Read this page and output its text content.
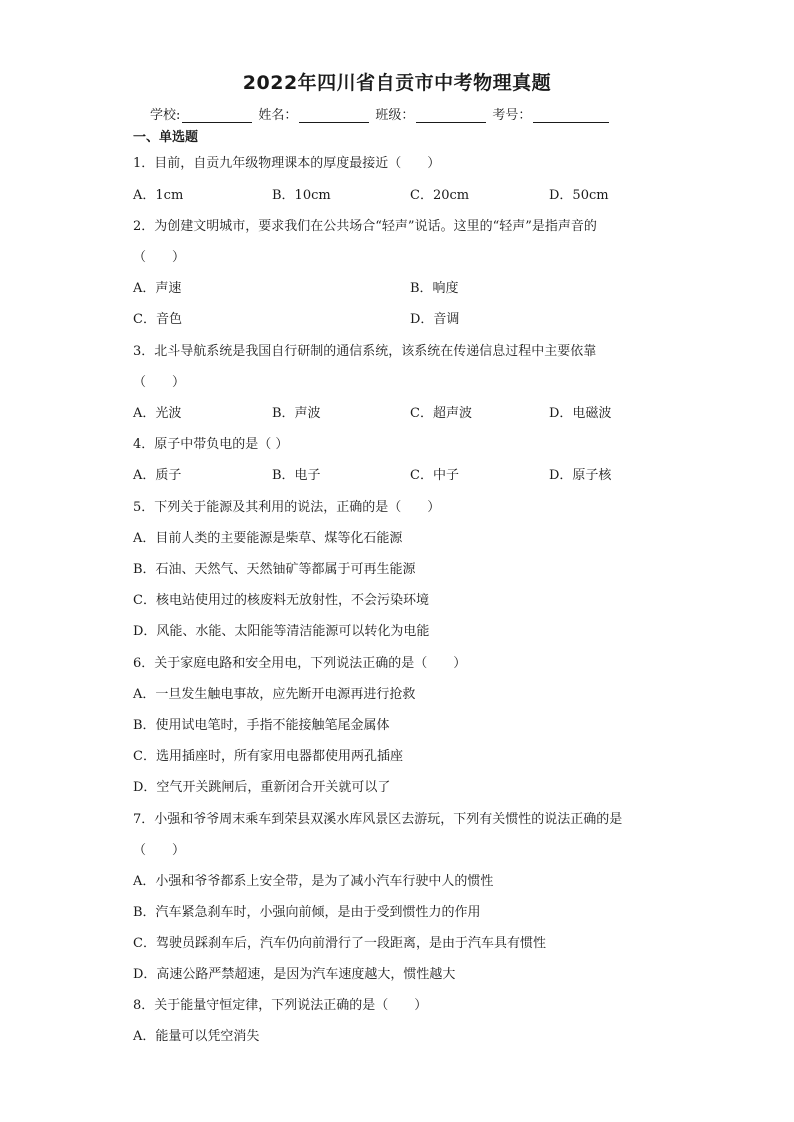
2022年四川省自贡市中考物理真题
学校:	姓名：	班级：	考号：
一、单选题
1．目前，自贡九年级物理课本的厚度最接近（　　）
A．1cm	B．10cm	C．20cm	D．50cm
2．为创建文明城市，要求我们在公共场合“轻声”说话。这里的“轻声”是指声音的
（　　）
A．声速	B．响度
C．音色	D．音调
3．北斗导航系统是我国自行研制的通信系统，该系统在传递信息过程中主要依靠
（　　）
A．光波	B．声波	C．超声波	D．电磁波
4．原子中带负电的是（ ）
A．质子	B．电子	C．中子	D．原子核
5．下列关于能源及其利用的说法，正确的是（　　）
A．目前人类的主要能源是柴草、煤等化石能源
B．石油、天然气、天然铀矿等都属于可再生能源
C．核电站使用过的核废料无放射性，不会污染环境
D．风能、水能、太阳能等清洁能源可以转化为电能
6．关于家庭电路和安全用电，下列说法正确的是（　　）
A．一旦发生触电事故，应先断开电源再进行抢救
B．使用试电笔时，手指不能接触笔尾金属体
C．选用插座时，所有家用电器都使用两孔插座
D．空气开关跳闸后，重新闭合开关就可以了
7．小强和爷爷周末乘车到荣县双溪水库风景区去游玩，下列有关惯性的说法正确的是
（　　）
A．小强和爷爷都系上安全带，是为了减小汽车行驶中人的惯性
B．汽车紧急刹车时，小强向前倾，是由于受到惯性力的作用
C．驾驶员踩刹车后，汽车仍向前滑行了一段距离，是由于汽车具有惯性
D．高速公路严禁超速，是因为汽车速度越大，惯性越大
8．关于能量守恒定律，下列说法正确的是（　　）
A．能量可以凭空消失
